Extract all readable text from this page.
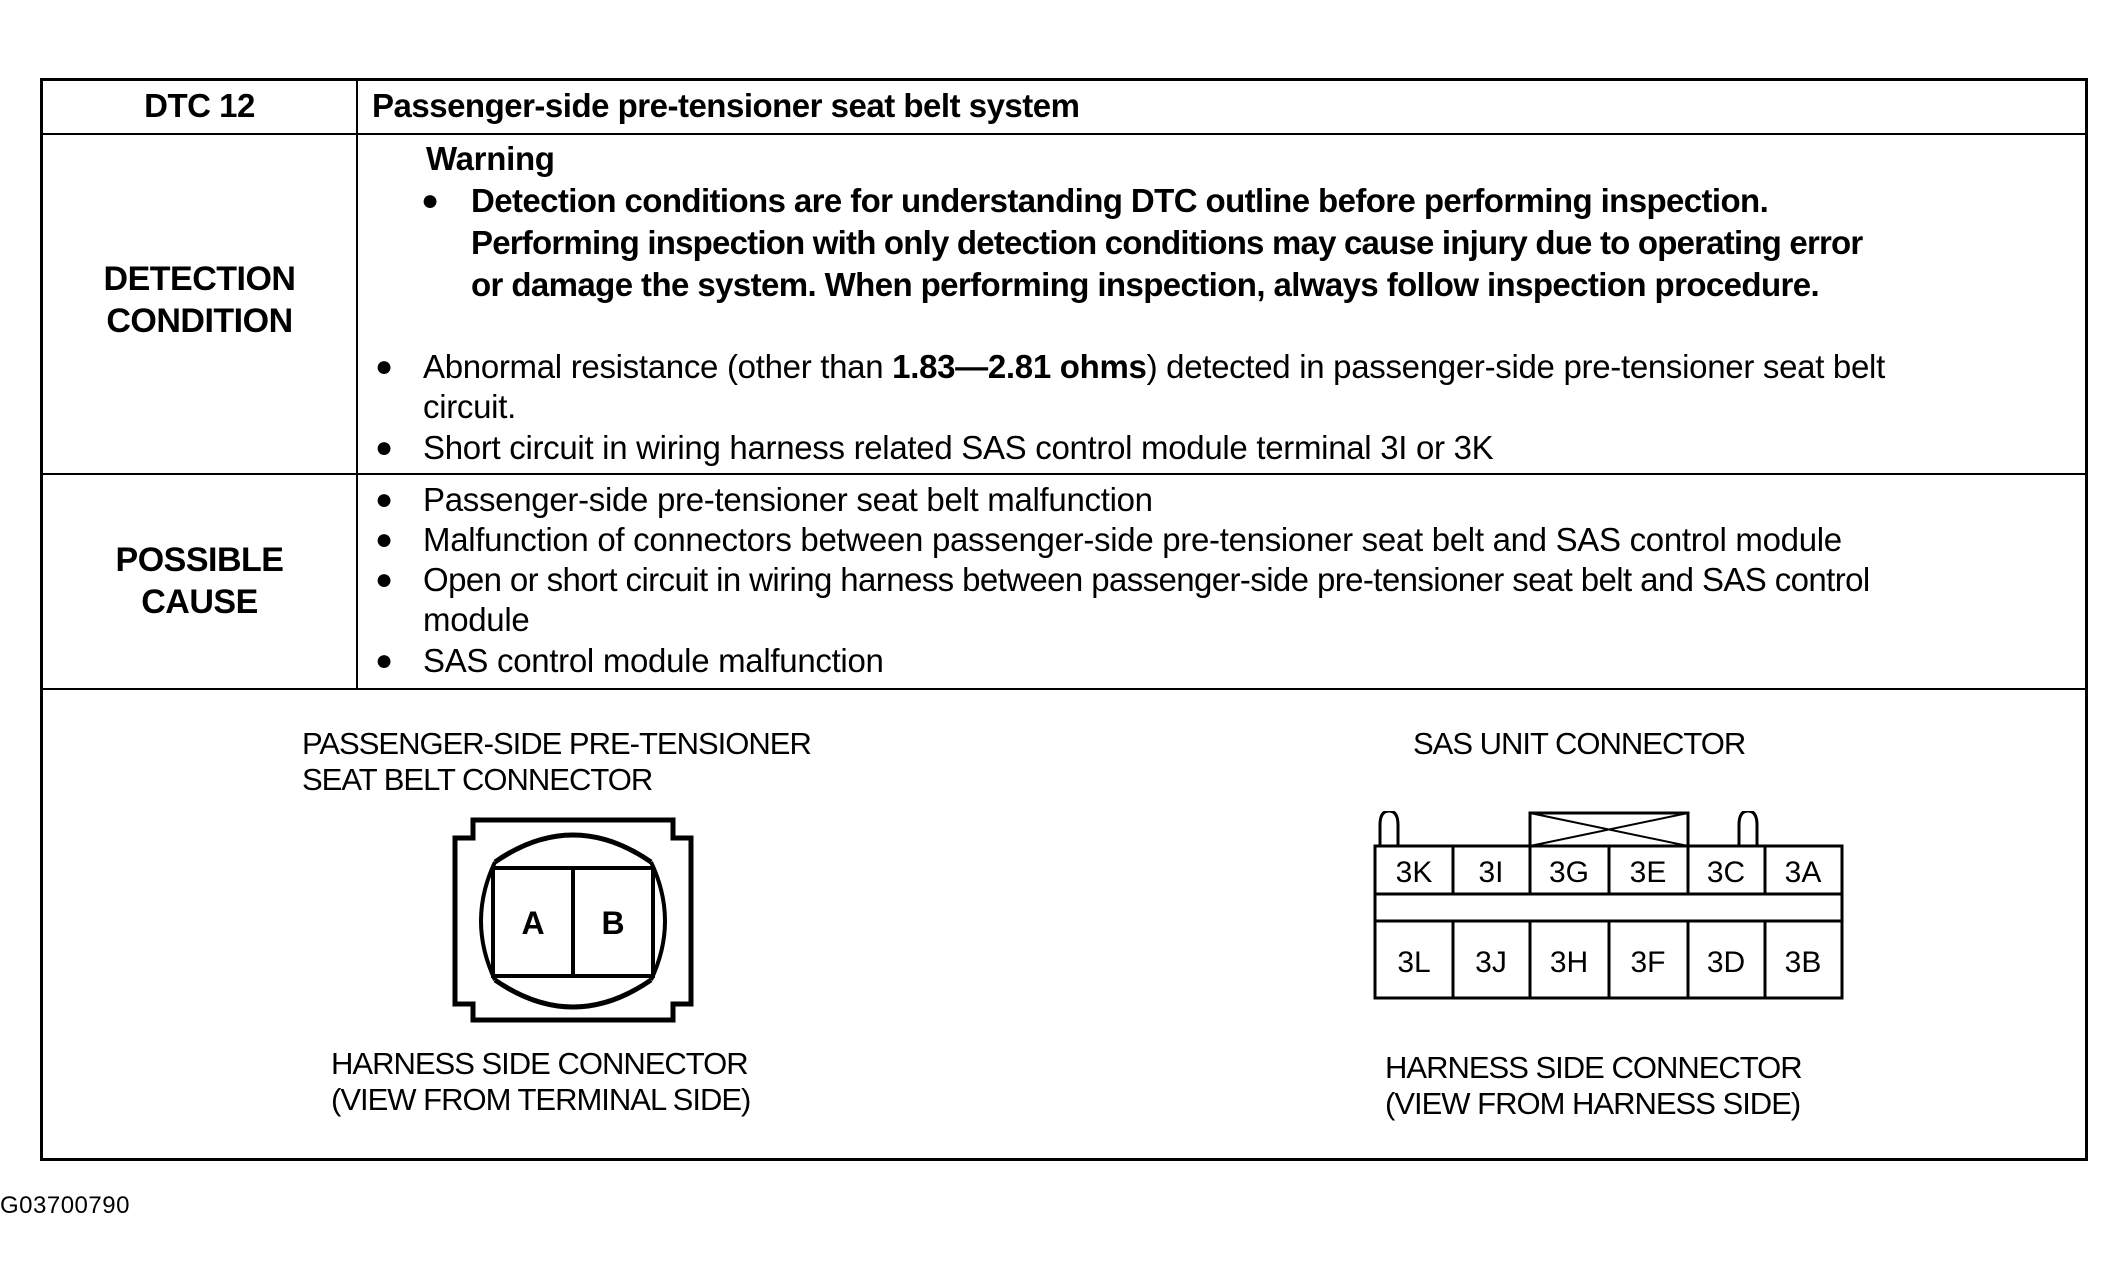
DTC 12	Passenger-side pre-tensioner seat belt system
DETECTION
CONDITION
Warning
● Detection conditions are for understanding DTC outline before performing inspection.
Performing inspection with only detection conditions may cause injury due to operating error
or damage the system. When performing inspection, always follow inspection procedure.
● Abnormal resistance (other than 1.83—2.81 ohms) detected in passenger-side pre-tensioner seat belt
circuit.
● Short circuit in wiring harness related SAS control module terminal 3I or 3K
POSSIBLE
CAUSE
● Passenger-side pre-tensioner seat belt malfunction
● Malfunction of connectors between passenger-side pre-tensioner seat belt and SAS control module
● Open or short circuit in wiring harness between passenger-side pre-tensioner seat belt and SAS control
module
● SAS control module malfunction
PASSENGER-SIDE PRE-TENSIONER
SEAT BELT CONNECTOR
A B
HARNESS SIDE CONNECTOR
(VIEW FROM TERMINAL SIDE)
SAS UNIT CONNECTOR
3K 3I 3G 3E 3C 3A
3L 3J 3H 3F 3D 3B
HARNESS SIDE CONNECTOR
(VIEW FROM HARNESS SIDE)
G03700790
